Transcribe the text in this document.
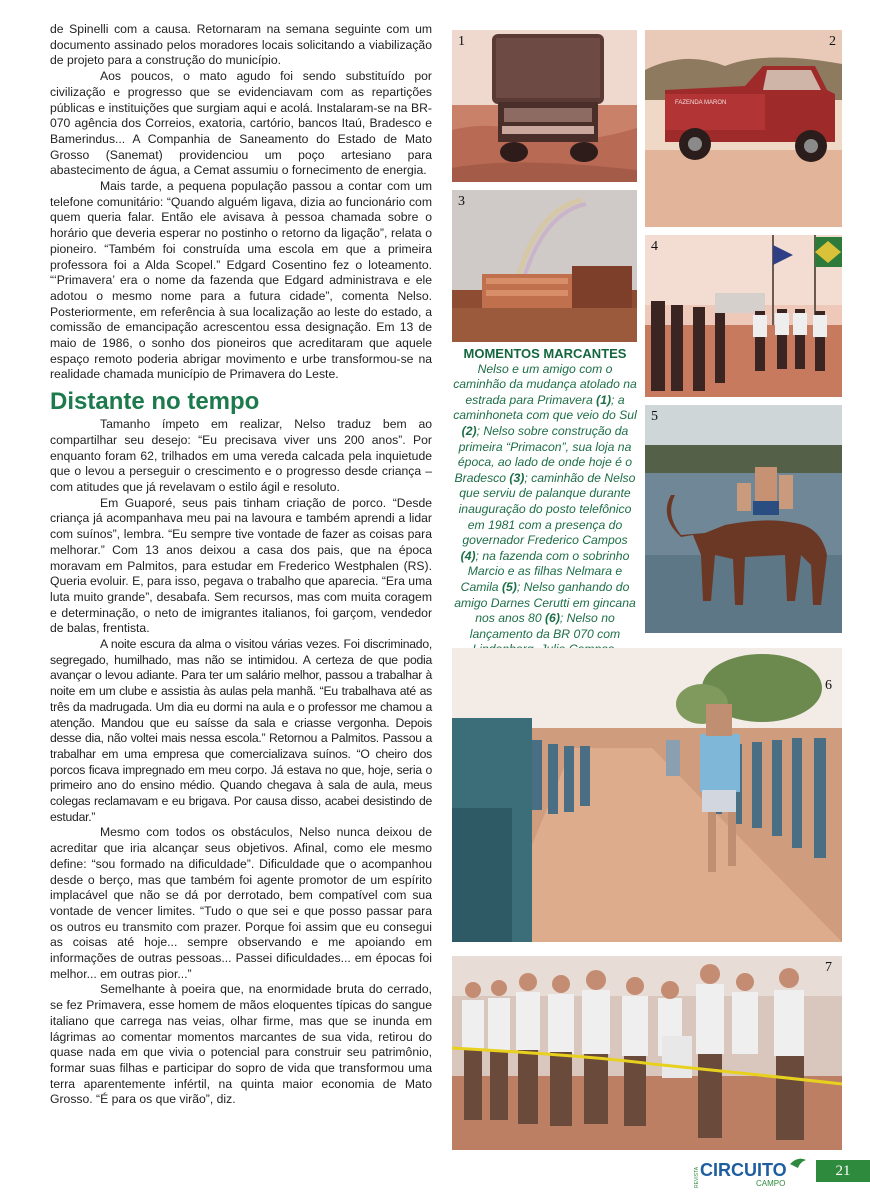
de Spinelli com a causa. Retornaram na semana seguinte com um documento assinado pelos moradores locais solicitando a viabilização de projeto para a construção do município.

Aos poucos, o mato agudo foi sendo substituído por civilização e progresso que se evidenciavam com as repartições públicas e instituições que surgiam aqui e acolá. Instalaram-se na BR-070 agência dos Correios, exatoria, cartório, bancos Itaú, Bradesco e Bamerindus... A Companhia de Saneamento do Estado de Mato Grosso (Sanemat) providenciou um poço artesiano para abastecimento de água, a Cemat assumiu o fornecimento de energia.

Mais tarde, a pequena população passou a contar com um telefone comunitário: “Quando alguém ligava, dizia ao funcionário com quem queria falar. Então ele avisava à pessoa chamada sobre o horário que deveria esperar no postinho o retorno da ligação”, relata o pioneiro. “Também foi construída uma escola em que a primeira professora foi a Alda Scopel.” Edgard Cosentino fez o loteamento. “‘Primavera’ era o nome da fazenda que Edgard administrava e ele adotou o mesmo nome para a futura cidade”, comenta Nelso. Posteriormente, em referência à sua localização ao leste do estado, a comissão de emancipação acrescentou essa designação. Em 13 de maio de 1986, o sonho dos pioneiros que acreditaram que aquele espaço remoto poderia abrigar movimento e urbe transformou-se na realidade chamada município de Primavera do Leste.

Distante no tempo

Tamanho ímpeto em realizar, Nelso traduz bem ao compartilhar seu desejo: “Eu precisava viver uns 200 anos”. Por enquanto foram 62, trilhados em uma vereda calcada pela inquietude que o levou a perseguir o crescimento e o progresso desde criança – com atitudes que já revelavam o estilo ágil e resoluto.

Em Guaporé, seus pais tinham criação de porco. “Desde criança já acompanhava meu pai na lavoura e também aprendi a lidar com suínos”, lembra. “Eu sempre tive vontade de fazer as coisas para melhorar.” Com 13 anos deixou a casa dos pais, que na época moravam em Palmitos, para estudar em Frederico Westphalen (RS). Queria evoluir. E, para isso, pegava o trabalho que aparecia. “Era uma luta muito grande”, desabafa. Sem recursos, mas com muita coragem e determinação, o neto de imigrantes italianos, foi garçom, vendedor de balas, frentista.

A noite escura da alma o visitou várias vezes. Foi discriminado, segregado, humilhado, mas não se intimidou. A certeza de que podia avançar o levou adiante. Para ter um salário melhor, passou a trabalhar à noite em um clube e assistia às aulas pela manhã. “Eu trabalhava até as três da madrugada. Um dia eu dormi na aula e o professor me chamou a atenção. Mandou que eu saísse da sala e criasse vergonha. Depois desse dia, não voltei mais nessa escola.” Retornou a Palmitos. Passou a trabalhar em uma empresa que comercializava suínos. “O cheiro dos porcos ficava impregnado em meu corpo. Já estava no que, hoje, seria o primeiro ano do ensino médio. Quando chegava à sala de aula, meus colegas reclamavam e eu brigava. Por causa disso, acabei desistindo de estudar.”

Mesmo com todos os obstáculos, Nelso nunca deixou de acreditar que iria alcançar seus objetivos. Afinal, como ele mesmo define: “sou formado na dificuldade”. Dificuldade que o acompanhou desde o berço, mas que também foi agente promotor de um espírito implacável que não se dá por derrotado, bem compatível com sua vontade de vencer limites. “Tudo o que sei e que posso passar para os outros eu transmito com prazer. Porque foi assim que eu consegui as coisas até hoje... sempre observando e me apoiando em informações de outras pessoas... Passei dificuldades... em épocas foi melhor... em outras pior...”

Semelhante à poeira que, na enormidade bruta do cerrado, se fez Primavera, esse homem de mãos eloquentes típicas do sangue italiano que carrega nas veias, olhar firme, mas que se inunda em lágrimas ao comentar momentos marcantes de sua vida, retirou do quase nada em que vivia o potencial para construir seu patrimônio, formar suas filhas e participar do sopro de vida que transformou uma terra aparentemente infértil, na quinta maior economia de Mato Grosso. “É para os que virão”, diz.

1
FAZENDA MARON
2
3
4
5
MOMENTOS MARCANTES
Nelso e um amigo com o caminhão da mudança atolado na estrada para Primavera (1); a caminhoneta com que veio do Sul (2); Nelso sobre construção da primeira “Primacon”, sua loja na época, ao lado de onde hoje é o Bradesco (3); caminhão de Nelso que serviu de palanque durante inauguração do posto telefônico em 1981 com a presença do governador Frederico Campos (4); na fazenda com o sobrinho Marcio e as filhas Nelmara e Camila (5); Nelso ganhando do amigo Darnes Cerutti em gincana nos anos 80 (6); Nelso no lançamento da BR 070 com
6
7
REVISTA CIRCUITO
CAMPO
21
